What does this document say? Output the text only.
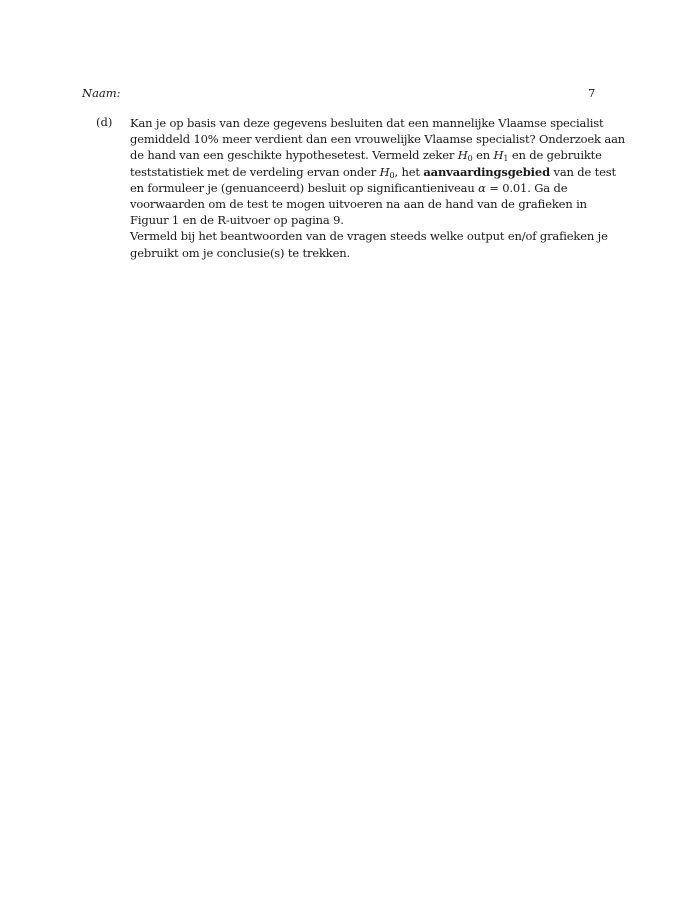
Naam:	7
(d) Kan je op basis van deze gegevens besluiten dat een mannelijke Vlaamse specialist
gemiddeld 10% meer verdient dan een vrouwelijke Vlaamse specialist? Onderzoek aan
de hand van een geschikte hypothesetest. Vermeld zeker $H_0$ en $H_1$ en de gebruikte
teststatistiek met de verdeling ervan onder $H_0$, het aanvaardingsgebied van de test
en formuleer je (genuanceerd) besluit op significantieniveau α = 0.01. Ga de
voorwaarden om de test te mogen uitvoeren na aan de hand van de grafieken in
Figuur 1 en de R-uitvoer op pagina 9.
Vermeld bij het beantwoorden van de vragen steeds welke output en/of grafieken je
gebruikt om je conclusie(s) te trekken.
